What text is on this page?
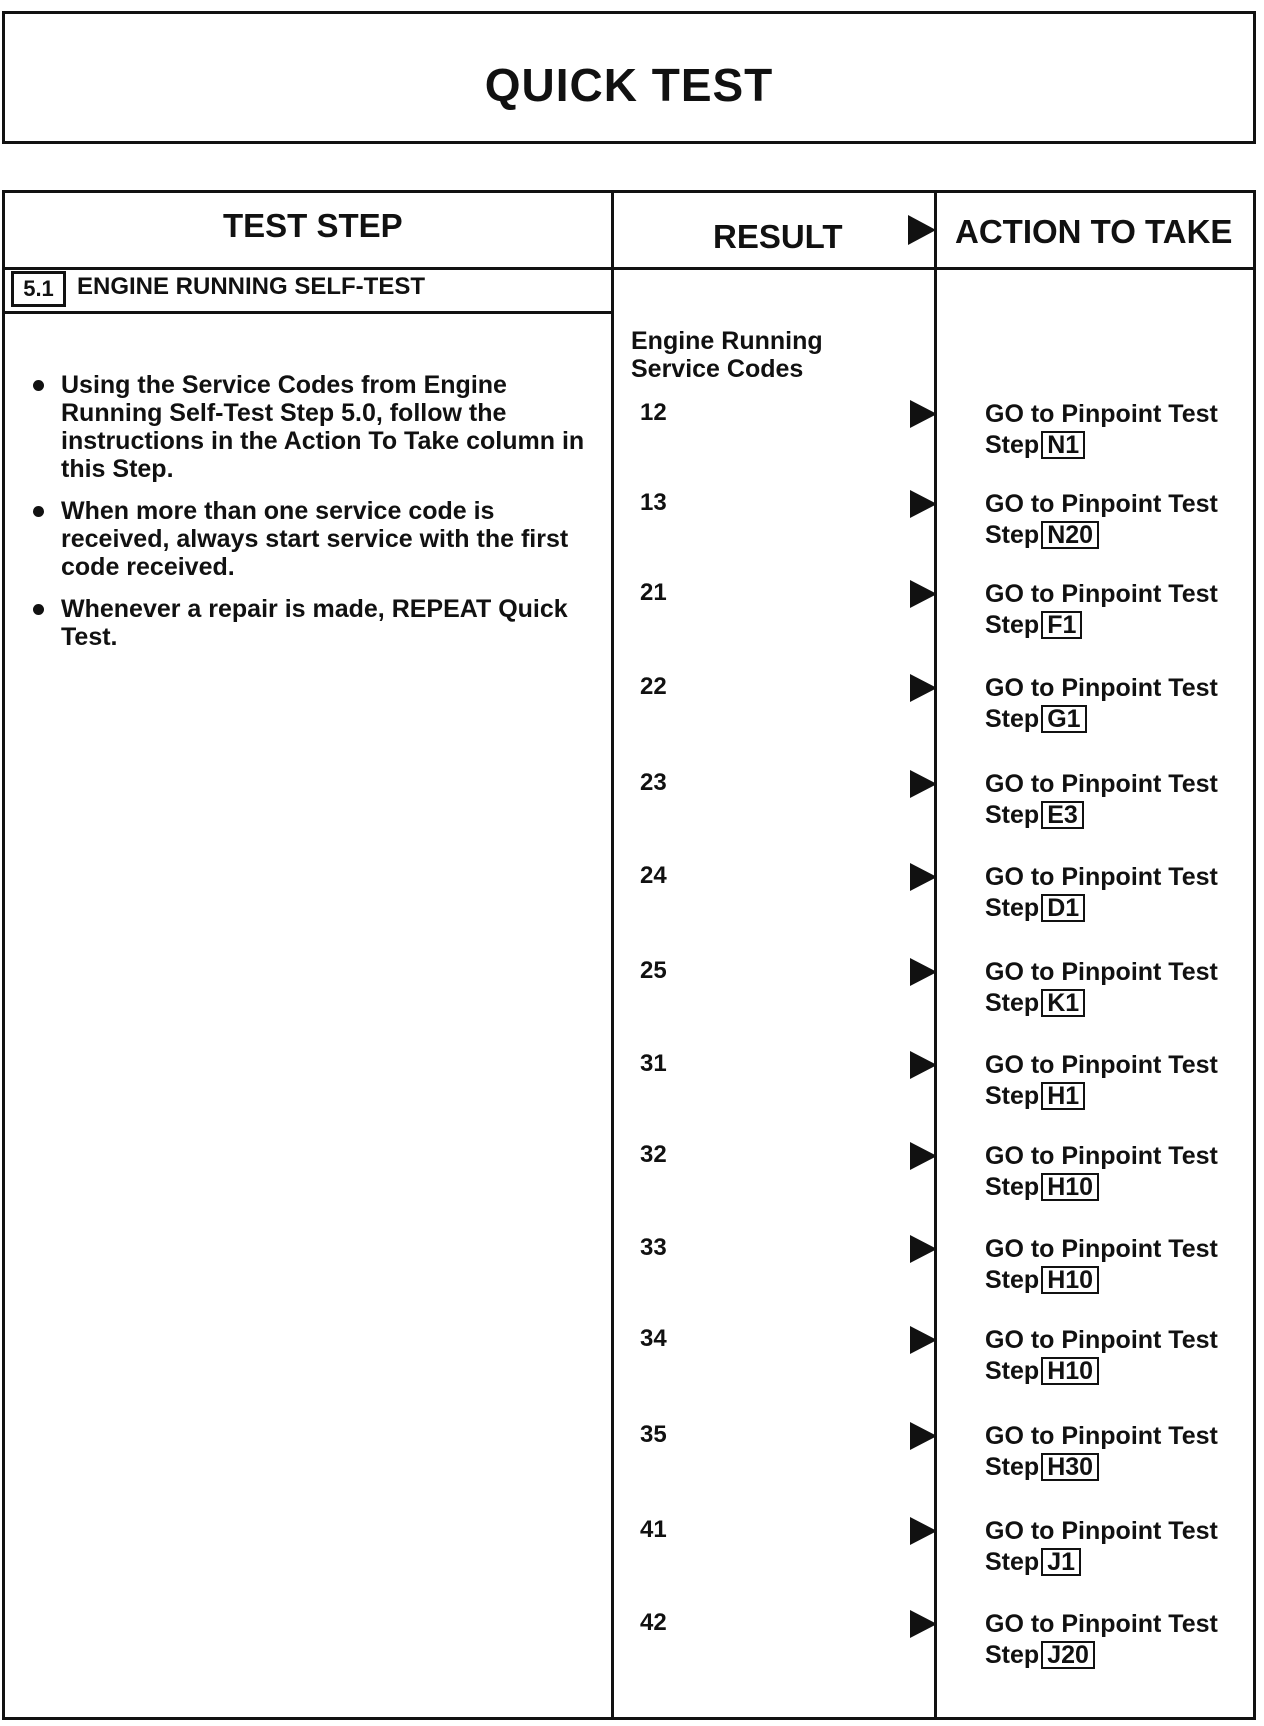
QUICK TEST
TEST STEP	RESULT	ACTION TO TAKE
5.1 ENGINE RUNNING SELF-TEST
Using the Service Codes from Engine Running Self-Test Step 5.0, follow the instructions in the Action To Take column in this Step.
When more than one service code is received, always start service with the first code received.
Whenever a repair is made, REPEAT Quick Test.
Engine Running
Service Codes
12	GO to Pinpoint Test
Step N1
13	GO to Pinpoint Test
Step N20
21	GO to Pinpoint Test
Step F1
22	GO to Pinpoint Test
Step G1
23	GO to Pinpoint Test
Step E3
24	GO to Pinpoint Test
Step D1
25	GO to Pinpoint Test
Step K1
31	GO to Pinpoint Test
Step H1
32	GO to Pinpoint Test
Step H10
33	GO to Pinpoint Test
Step H10
34	GO to Pinpoint Test
Step H10
35	GO to Pinpoint Test
Step H30
41	GO to Pinpoint Test
Step J1
42	GO to Pinpoint Test
Step J20
